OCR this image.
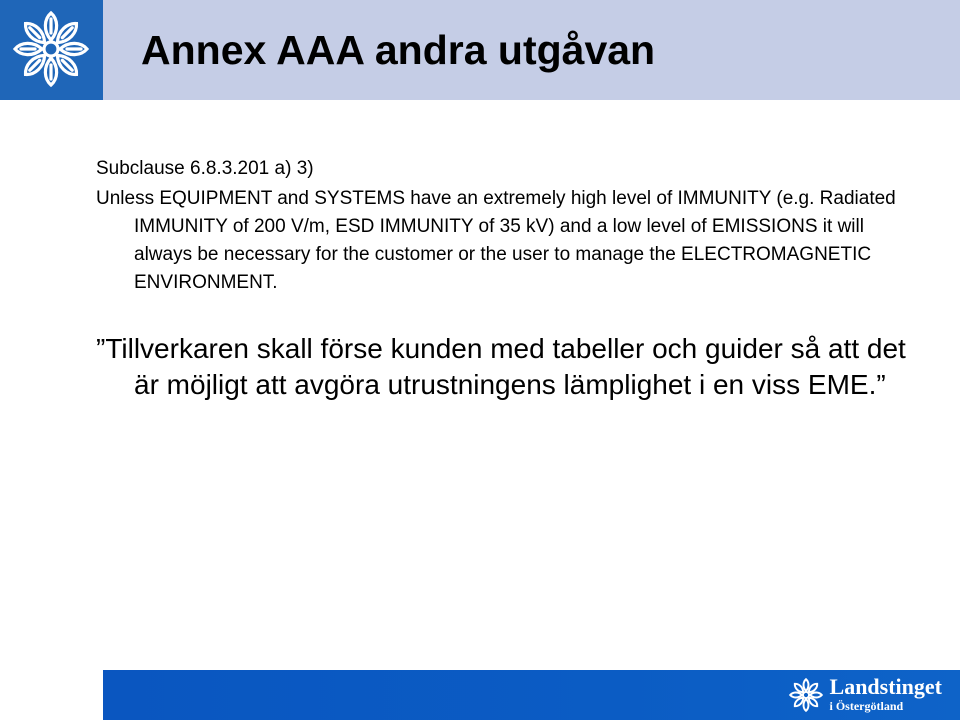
Annex AAA andra utgåvan

Subclause 6.8.3.201 a) 3)

Unless EQUIPMENT and SYSTEMS have an extremely high level of IMMUNITY (e.g. Radiated IMMUNITY of 200 V/m, ESD IMMUNITY of 35 kV) and a low level of EMISSIONS it will always be necessary for the customer or the user to manage the ELECTROMAGNETIC ENVIRONMENT.

”Tillverkaren skall förse kunden med tabeller och guider så att det är möjligt att avgöra utrustningens lämplighet i en viss EME.”

Landstinget
i Östergötland
